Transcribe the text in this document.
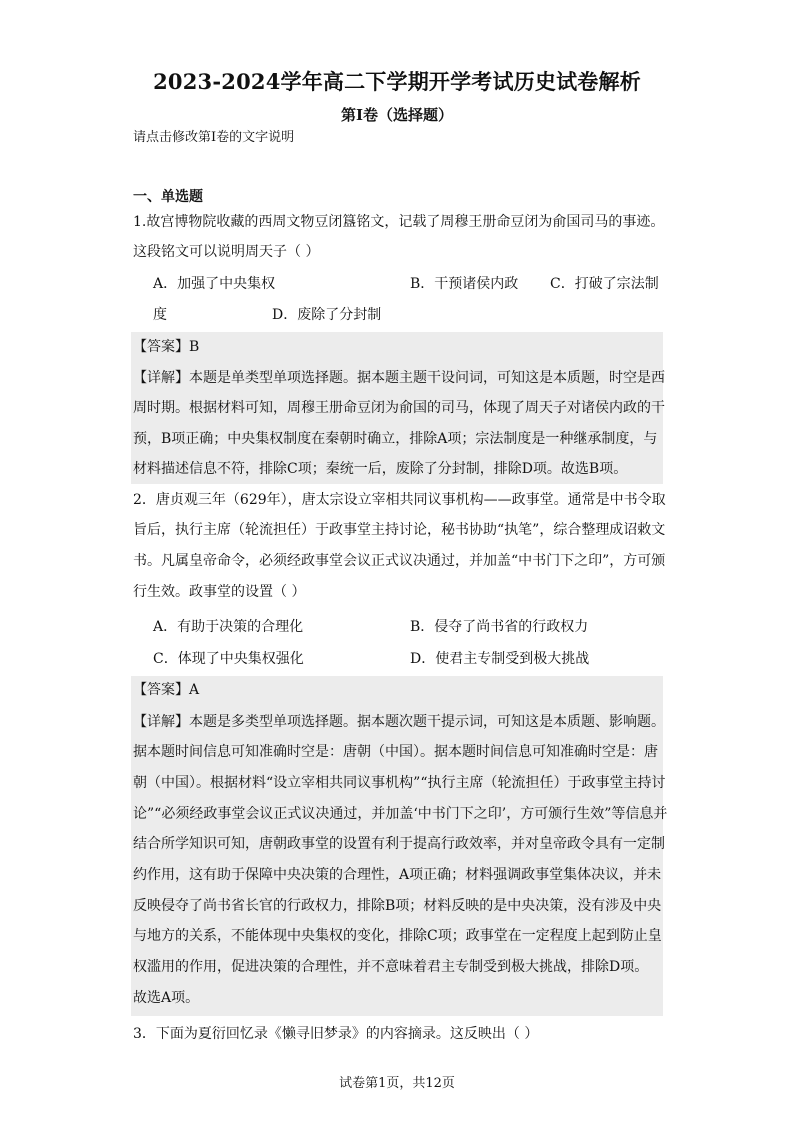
2023-2024学年高二下学期开学考试历史试卷解析
第Ⅰ卷（选择题）
请点击修改第I卷的文字说明
一、单选题
1.故宫博物院收藏的西周文物豆闭簋铭文，记载了周穆王册命豆闭为俞国司马的事迹。
这段铭文可以说明周天子（ ）
A．加强了中央集权	B．干预诸侯内政 C．打破了宗法制
度	D．废除了分封制
【答案】B
【详解】本题是单类型单项选择题。据本题主题干设问词，可知这是本质题，时空是西
周时期。根据材料可知，周穆王册命豆闭为俞国的司马，体现了周天子对诸侯内政的干
预，B项正确；中央集权制度在秦朝时确立，排除A项；宗法制度是一种继承制度，与
材料描述信息不符，排除C项；秦统一后，废除了分封制，排除D项。故选B项。
2．唐贞观三年（629年），唐太宗设立宰相共同议事机构——政事堂。通常是中书令取
旨后，执行主席（轮流担任）于政事堂主持讨论，秘书协助“执笔”，综合整理成诏敕文
书。凡属皇帝命令，必须经政事堂会议正式议决通过，并加盖“中书门下之印”，方可颁
行生效。政事堂的设置（ ）
A．有助于决策的合理化	B．侵夺了尚书省的行政权力
C．体现了中央集权强化	D．使君主专制受到极大挑战
【答案】A
【详解】本题是多类型单项选择题。据本题次题干提示词，可知这是本质题、影响题。
据本题时间信息可知准确时空是：唐朝（中国）。据本题时间信息可知准确时空是：唐
朝（中国）。根据材料“设立宰相共同议事机构”“执行主席（轮流担任）于政事堂主持讨
论”“必须经政事堂会议正式议决通过，并加盖‘中书门下之印’，方可颁行生效”等信息并
结合所学知识可知，唐朝政事堂的设置有利于提高行政效率，并对皇帝政令具有一定制
约作用，这有助于保障中央决策的合理性，A项正确；材料强调政事堂集体决议，并未
反映侵夺了尚书省长官的行政权力，排除B项；材料反映的是中央决策，没有涉及中央
与地方的关系，不能体现中央集权的变化，排除C项；政事堂在一定程度上起到防止皇
权滥用的作用，促进决策的合理性，并不意味着君主专制受到极大挑战，排除D项。
故选A项。
3．下面为夏衍回忆录《懒寻旧梦录》的内容摘录。这反映出（ ）
试卷第1页，共12页
